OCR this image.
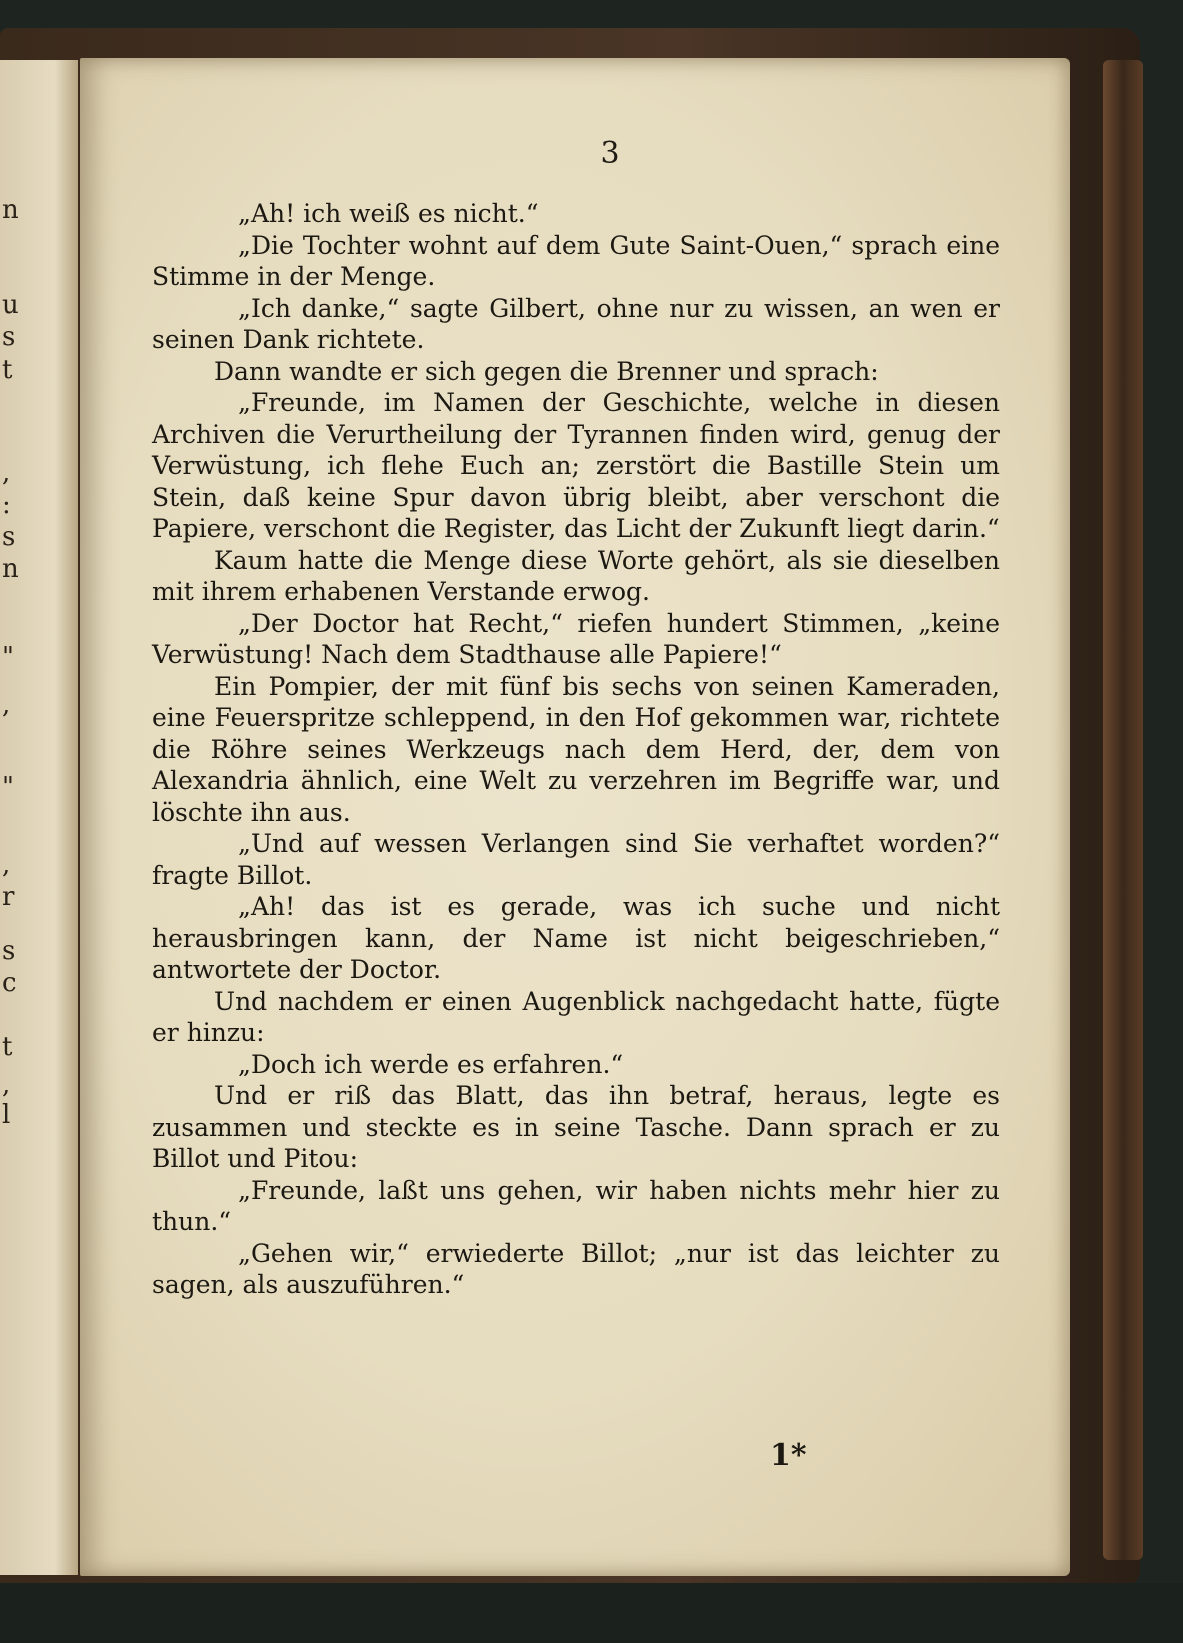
n
u
s
t
,
:
s
n
"
,
"
,
r
s
c
t
,
l
3

„Ah! ich weiß es nicht.“

„Die Tochter wohnt auf dem Gute Saint-Ouen,“ sprach eine Stimme in der Menge.

„Ich danke,“ sagte Gilbert, ohne nur zu wissen, an wen er seinen Dank richtete.

Dann wandte er sich gegen die Brenner und sprach:

„Freunde, im Namen der Geschichte, welche in diesen Archiven die Verurtheilung der Tyrannen finden wird, genug der Verwüstung, ich flehe Euch an; zerstört die Bastille Stein um Stein, daß keine Spur davon übrig bleibt, aber verschont die Papiere, verschont die Register, das Licht der Zukunft liegt darin.“

Kaum hatte die Menge diese Worte gehört, als sie dieselben mit ihrem erhabenen Verstande erwog.

„Der Doctor hat Recht,“ riefen hundert Stimmen, „keine Verwüstung! Nach dem Stadthause alle Papiere!“

Ein Pompier, der mit fünf bis sechs von seinen Kameraden, eine Feuerspritze schleppend, in den Hof gekommen war, richtete die Röhre seines Werkzeugs nach dem Herd, der, dem von Alexandria ähnlich, eine Welt zu verzehren im Begriffe war, und löschte ihn aus.

„Und auf wessen Verlangen sind Sie verhaftet worden?“ fragte Billot.

„Ah! das ist es gerade, was ich suche und nicht herausbringen kann, der Name ist nicht beigeschrieben,“ antwortete der Doctor.

Und nachdem er einen Augenblick nachgedacht hatte, fügte er hinzu:

„Doch ich werde es erfahren.“

Und er riß das Blatt, das ihn betraf, heraus, legte es zusammen und steckte es in seine Tasche. Dann sprach er zu Billot und Pitou:

„Freunde, laßt uns gehen, wir haben nichts mehr hier zu thun.“

„Gehen wir,“ erwiederte Billot; „nur ist das leichter zu sagen, als auszuführen.“

1*
